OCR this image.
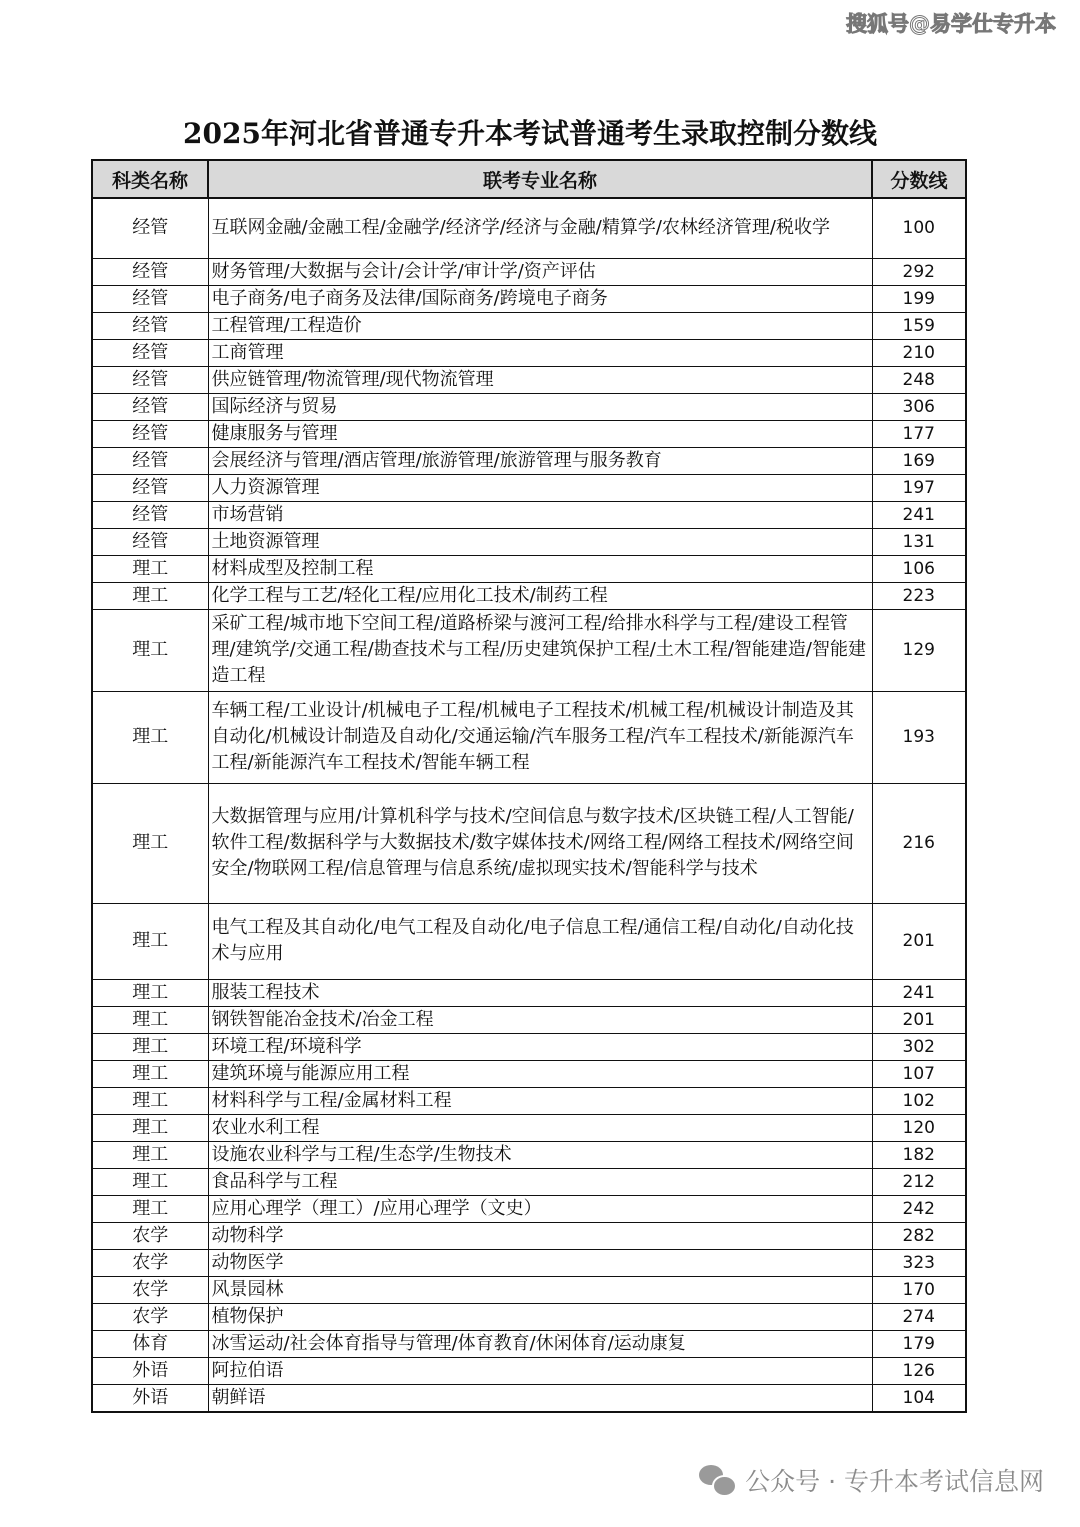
搜狐号@易学仕专升本
2025年河北省普通专升本考试普通考生录取控制分数线
科类名称	联考专业名称	分数线
经管	互联网金融/金融工程/金融学/经济学/经济与金融/精算学/农林经济管理/税收学	100
经管	财务管理/大数据与会计/会计学/审计学/资产评估	292
经管	电子商务/电子商务及法律/国际商务/跨境电子商务	199
经管	工程管理/工程造价	159
经管	工商管理	210
经管	供应链管理/物流管理/现代物流管理	248
经管	国际经济与贸易	306
经管	健康服务与管理	177
经管	会展经济与管理/酒店管理/旅游管理/旅游管理与服务教育	169
经管	人力资源管理	197
经管	市场营销	241
经管	土地资源管理	131
理工	材料成型及控制工程	106
理工	化学工程与工艺/轻化工程/应用化工技术/制药工程	223
理工	采矿工程/城市地下空间工程/道路桥梁与渡河工程/给排水科学与工程/建设工程管理/建筑学/交通工程/勘查技术与工程/历史建筑保护工程/土木工程/智能建造/智能建造工程	129
理工	车辆工程/工业设计/机械电子工程/机械电子工程技术/机械工程/机械设计制造及其自动化/机械设计制造及自动化/交通运输/汽车服务工程/汽车工程技术/新能源汽车工程/新能源汽车工程技术/智能车辆工程	193
理工	大数据管理与应用/计算机科学与技术/空间信息与数字技术/区块链工程/人工智能/软件工程/数据科学与大数据技术/数字媒体技术/网络工程/网络工程技术/网络空间安全/物联网工程/信息管理与信息系统/虚拟现实技术/智能科学与技术	216
理工	电气工程及其自动化/电气工程及自动化/电子信息工程/通信工程/自动化/自动化技术与应用	201
理工	服装工程技术	241
理工	钢铁智能冶金技术/冶金工程	201
理工	环境工程/环境科学	302
理工	建筑环境与能源应用工程	107
理工	材料科学与工程/金属材料工程	102
理工	农业水利工程	120
理工	设施农业科学与工程/生态学/生物技术	182
理工	食品科学与工程	212
理工	应用心理学（理工）/应用心理学（文史）	242
农学	动物科学	282
农学	动物医学	323
农学	风景园林	170
农学	植物保护	274
体育	冰雪运动/社会体育指导与管理/体育教育/休闲体育/运动康复	179
外语	阿拉伯语	126
外语	朝鲜语	104
公众号 · 专升本考试信息网
